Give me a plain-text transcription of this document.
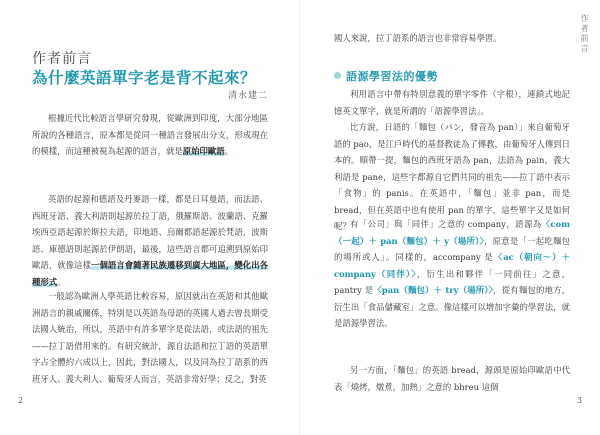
作者前言
為什麼英語單字老是背不起來？
清水建二

根據近代比較語言學研究發現，從歐洲到印度，大部分地區所說的各種語言，原本都是從同一種語言發展出分支，形成現在的模樣，而這種被視為起源的語言，就是原始印歐語。

英語的起源和德語及丹麥語一樣，都是日耳曼語，而法語、西班牙語、義大利語則起源於拉丁語，俄羅斯語、波蘭語、克羅埃西亞語起源於斯拉夫語，印地語、烏爾都語起源於梵語，波斯語、庫德語則起源於伊朗語，最後，這些語言都可追溯到原始印歐語，就像這樣一個語言會隨著民族遷移到廣大地區，變化出各種形式。

一般認為歐洲人學英語比較容易，原因就出在英語和其他歐洲語言的親戚關係，特別是以英語為母語的英國人過去曾長期受法國人統治，所以，英語中有許多單字是從法語，或法語的祖先——拉丁語借用來的。有研究統計，源自法語和拉丁語的英語單字占全體約六成以上，因此，對法國人，以及同為拉丁語系的西班牙人、義大利人、葡萄牙人而言，英語非常好學；反之，對英

2
作者前言

國人來說，拉丁語系的語言也非常容易學習。

語源學習法的優勢

利用語言中帶有特別意義的單字零件（字根），連鎖式地記憶英文單字，就是所謂的「語源學習法」。

比方說，日語的「麵包（パン，發音為 pan）」來自葡萄牙語的 pao，是江戶時代的基督教徒為了傳教，由葡萄牙人傳到日本的。順帶一提，麵包的西班牙語為 pan，法語為 pain，義大利語是 pane，這些字都源自它們共同的祖先——拉丁語中表示「食物」的 panis。在英語中，「麵包」並非 pan，而是 bread，但在英語中也有使用 pan 的單字，這些單字又是如何呢？ 有「公司」與「同伴」之意的 company，語源為〈com（一起）＋ pan（麵包）＋ y（場所）〉，原意是「一起吃麵包的場所或人」。同樣的，accompany 是〈ac（朝向〜）＋ company（同伴）〉，衍生出和夥伴「一同前往」之意，pantry 是〈pan（麵包）＋ try（場所）〉，從有麵包的地方，衍生出「食品儲藏室」之意。像這樣可以增加字彙的學習法，就是語源學習法。

另一方面，「麵包」的英語 bread，源頭是原始印歐語中代表「燒烤，燉煮，加熱」之意的 bhreu 這個

3
